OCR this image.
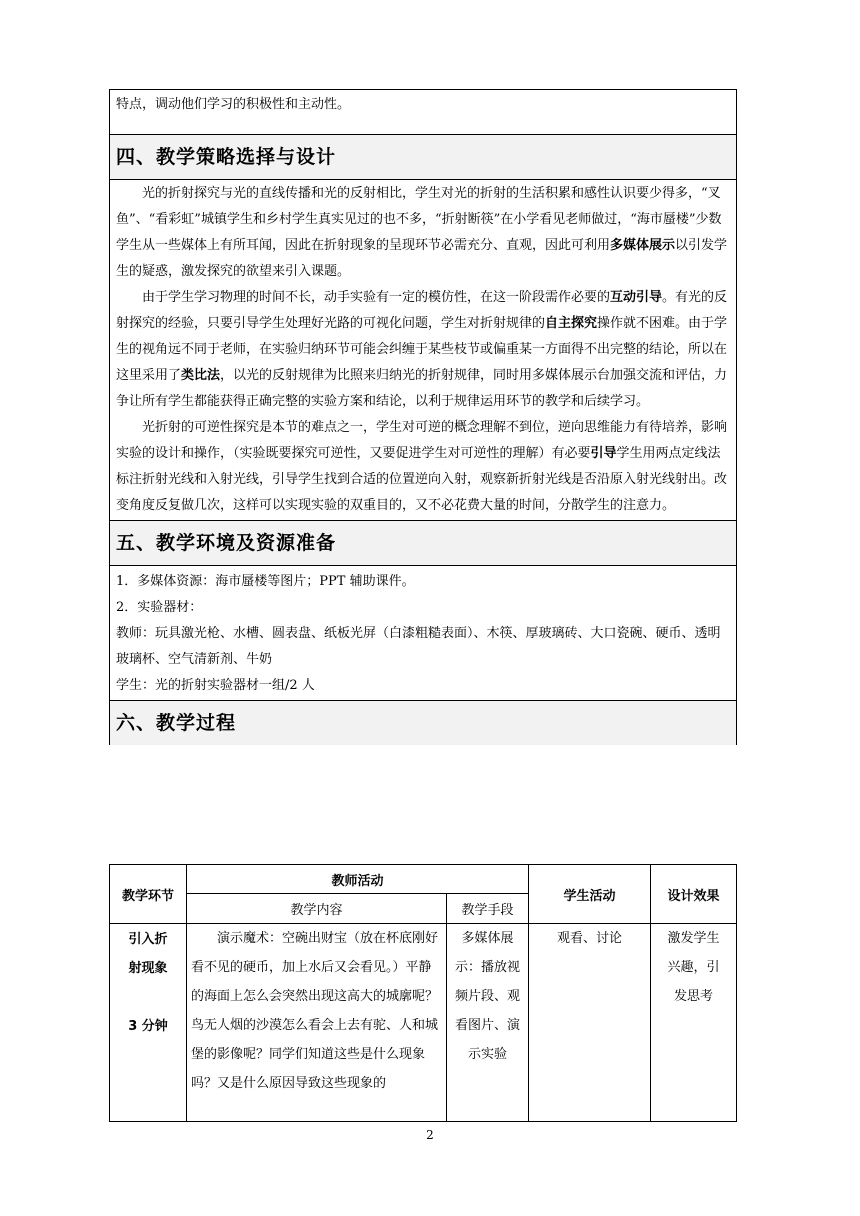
特点，调动他们学习的积极性和主动性。
四、教学策略选择与设计

光的折射探究与光的直线传播和光的反射相比，学生对光的折射的生活积累和感性认识要少得多，“叉鱼”、“看彩虹”城镇学生和乡村学生真实见过的也不多，“折射断筷”在小学看见老师做过，“海市蜃楼”少数学生从一些媒体上有所耳闻，因此在折射现象的呈现环节必需充分、直观，因此可利用多媒体展示以引发学生的疑惑，激发探究的欲望来引入课题。

由于学生学习物理的时间不长，动手实验有一定的模仿性，在这一阶段需作必要的互动引导。有光的反射探究的经验，只要引导学生处理好光路的可视化问题，学生对折射规律的自主探究操作就不困难。由于学生的视角远不同于老师，在实验归纳环节可能会纠缠于某些枝节或偏重某一方面得不出完整的结论，所以在这里采用了类比法，以光的反射规律为比照来归纳光的折射规律，同时用多媒体展示台加强交流和评估，力争让所有学生都能获得正确完整的实验方案和结论，以利于规律运用环节的教学和后续学习。

光折射的可逆性探究是本节的难点之一，学生对可逆的概念理解不到位，逆向思维能力有待培养，影响实验的设计和操作，（实验既要探究可逆性，又要促进学生对可逆性的理解）有必要引导学生用两点定线法标注折射光线和入射光线，引导学生找到合适的位置逆向入射，观察新折射光线是否沿原入射光线射出。改变角度反复做几次，这样可以实现实验的双重目的，又不必花费大量的时间，分散学生的注意力。

五、教学环境及资源准备

1．多媒体资源：海市蜃楼等图片；PPT 辅助课件。

2．实验器材：

教师：玩具激光枪、水槽、圆表盘、纸板光屏（白漆粗糙表面）、木筷、厚玻璃砖、大口瓷碗、硬币、透明玻璃杯、空气清新剂、牛奶

学生：光的折射实验器材一组/2 人

六、教学过程
教学环节	教师活动		学生活动	设计效果
	教学内容	教学手段		

引入折射现象
3 分钟	演示魔术：空碗出财宝（放在杯底刚好看不见的硬币，加上水后又会看见。）平静的海面上怎么会突然出现这高大的城廓呢？鸟无人烟的沙漠怎么看会上去有驼、人和城堡的影像呢？同学们知道这些是什么现象吗？又是什么原因导致这些现象的	多媒体展示：播放视频片段、观看图片、演示实验	观看、讨论	激发学生兴趣，引发思考
2
